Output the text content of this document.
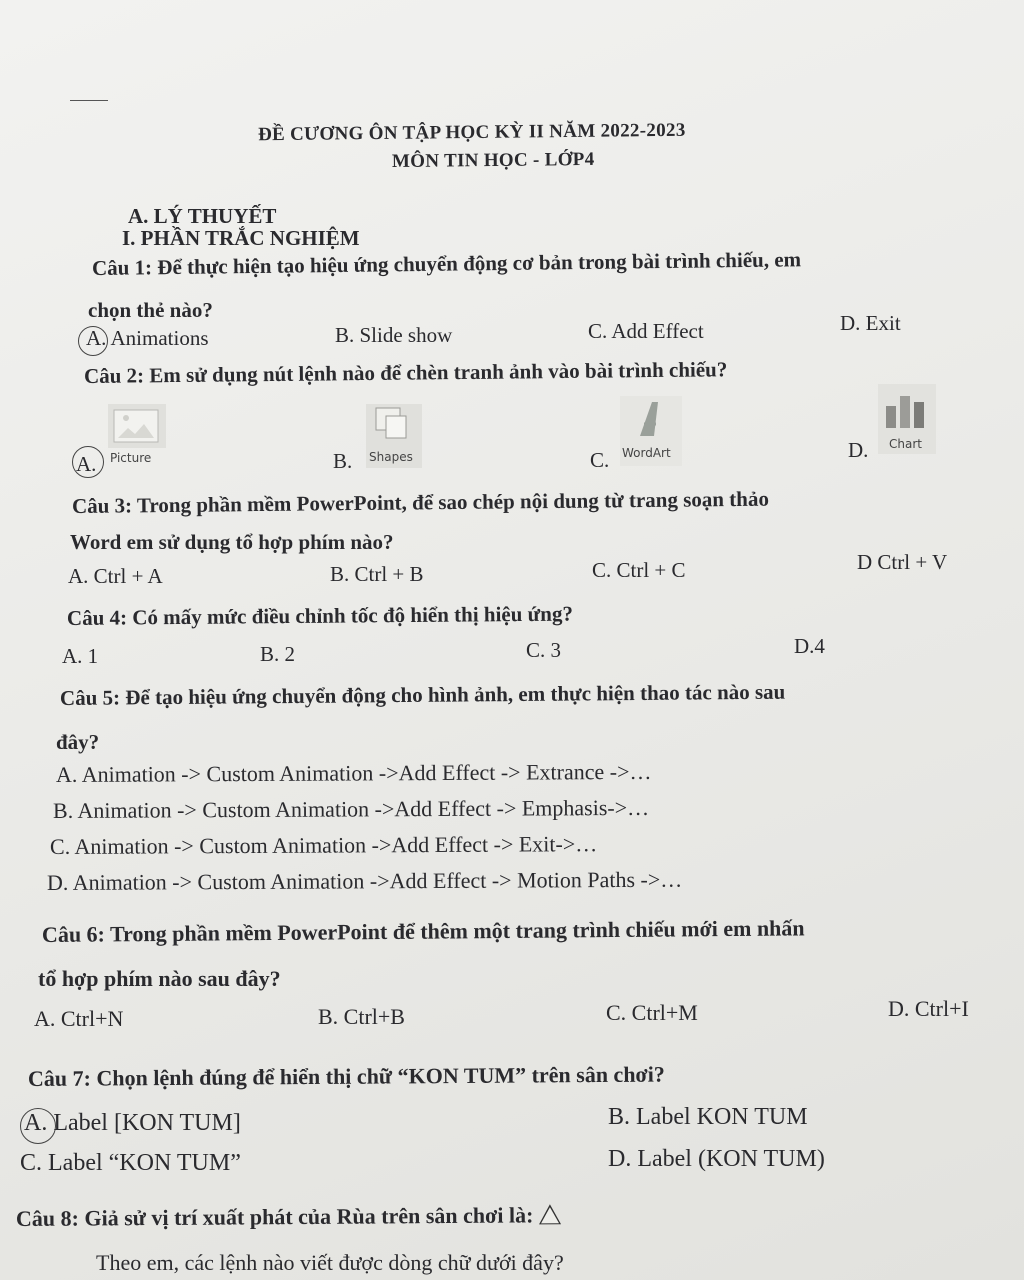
ĐỀ CƯƠNG ÔN TẬP HỌC KỲ II NĂM 2022-2023
MÔN TIN HỌC - LỚP4
A. LÝ THUYẾT
I. PHẦN TRẮC NGHIỆM
Câu 1: Để thực hiện tạo hiệu ứng chuyển động cơ bản trong bài trình chiếu, em
chọn thẻ nào?
A. Animations	B. Slide show	C. Add Effect	D. Exit
Câu 2: Em sử dụng nút lệnh nào để chèn tranh ảnh vào bài trình chiếu?
A. Picture	B. Shapes	C. WordArt	D. Chart
Câu 3: Trong phần mềm PowerPoint, để sao chép nội dung từ trang soạn thảo
Word em sử dụng tổ hợp phím nào?
A. Ctrl + A	B. Ctrl + B	C. Ctrl + C	D Ctrl + V
Câu 4: Có mấy mức điều chỉnh tốc độ hiển thị hiệu ứng?
A. 1	B. 2	C. 3	D.4
Câu 5: Để tạo hiệu ứng chuyển động cho hình ảnh, em thực hiện thao tác nào sau
đây?
A. Animation -> Custom Animation ->Add Effect -> Extrance ->…
B. Animation -> Custom Animation ->Add Effect -> Emphasis->…
C. Animation -> Custom Animation ->Add Effect -> Exit->…
D. Animation -> Custom Animation ->Add Effect -> Motion Paths ->…
Câu 6: Trong phần mềm PowerPoint để thêm một trang trình chiếu mới em nhấn
tổ hợp phím nào sau đây?
A. Ctrl+N	B. Ctrl+B	C. Ctrl+M	D. Ctrl+I
Câu 7: Chọn lệnh đúng để hiển thị chữ “KON TUM” trên sân chơi?
A. Label [KON TUM]	B. Label KON TUM
C. Label “KON TUM”	D. Label (KON TUM)
Câu 8: Giả sử vị trí xuất phát của Rùa trên sân chơi là:
Theo em, các lệnh nào viết được dòng chữ dưới đây?
